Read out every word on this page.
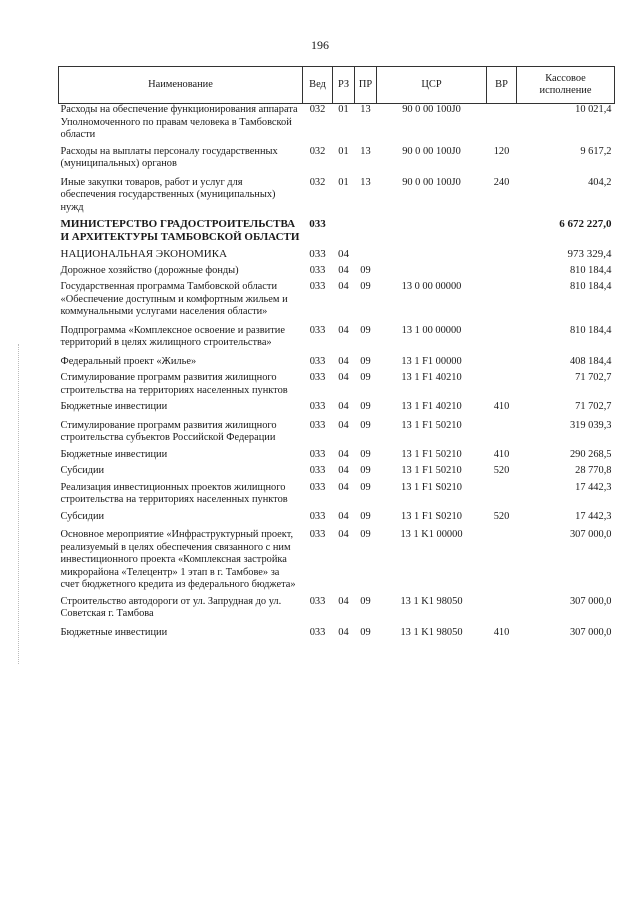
196
Наименование	Вед	РЗ	ПР	ЦСР	ВР	Кассовое исполнение
Расходы на обеспечение функционирования аппарата Уполномоченного по правам человека в Тамбовской области	032	01	13	90 0 00 100J0		10 021,4
Расходы на выплаты персоналу государственных (муниципальных) органов	032	01	13	90 0 00 100J0	120	9 617,2
Иные закупки товаров, работ и услуг для обеспечения государственных (муниципальных) нужд	032	01	13	90 0 00 100J0	240	404,2
МИНИСТЕРСТВО ГРАДОСТРОИТЕЛЬСТВА И АРХИТЕКТУРЫ ТАМБОВСКОЙ ОБЛАСТИ	033					6 672 227,0
НАЦИОНАЛЬНАЯ ЭКОНОМИКА	033	04				973 329,4
Дорожное хозяйство (дорожные фонды)	033	04	09			810 184,4
Государственная программа Тамбовской области «Обеспечение доступным и комфортным жильем и коммунальными услугами населения области»	033	04	09	13 0 00 00000		810 184,4
Подпрограмма «Комплексное освоение и развитие территорий в целях жилищного строительства»	033	04	09	13 1 00 00000		810 184,4
Федеральный проект «Жилье»	033	04	09	13 1 F1 00000		408 184,4
Стимулирование программ развития жилищного строительства на территориях населенных пунктов	033	04	09	13 1 F1 40210		71 702,7
Бюджетные инвестиции	033	04	09	13 1 F1 40210	410	71 702,7
Стимулирование программ развития жилищного строительства субъектов Российской Федерации	033	04	09	13 1 F1 50210		319 039,3
Бюджетные инвестиции	033	04	09	13 1 F1 50210	410	290 268,5
Субсидии	033	04	09	13 1 F1 50210	520	28 770,8
Реализация инвестиционных проектов жилищного строительства на территориях населенных пунктов	033	04	09	13 1 F1 S0210		17 442,3
Субсидии	033	04	09	13 1 F1 S0210	520	17 442,3
Основное мероприятие «Инфраструктурный проект, реализуемый в целях обеспечения связанного с ним инвестиционного проекта «Комплексная застройка микрорайона «Телецентр» 1 этап в г. Тамбове» за счет бюджетного кредита из федерального бюджета»	033	04	09	13 1 K1 00000		307 000,0
Строительство автодороги от ул. Запрудная до ул. Советская г. Тамбова	033	04	09	13 1 K1 98050		307 000,0
Бюджетные инвестиции	033	04	09	13 1 K1 98050	410	307 000,0
